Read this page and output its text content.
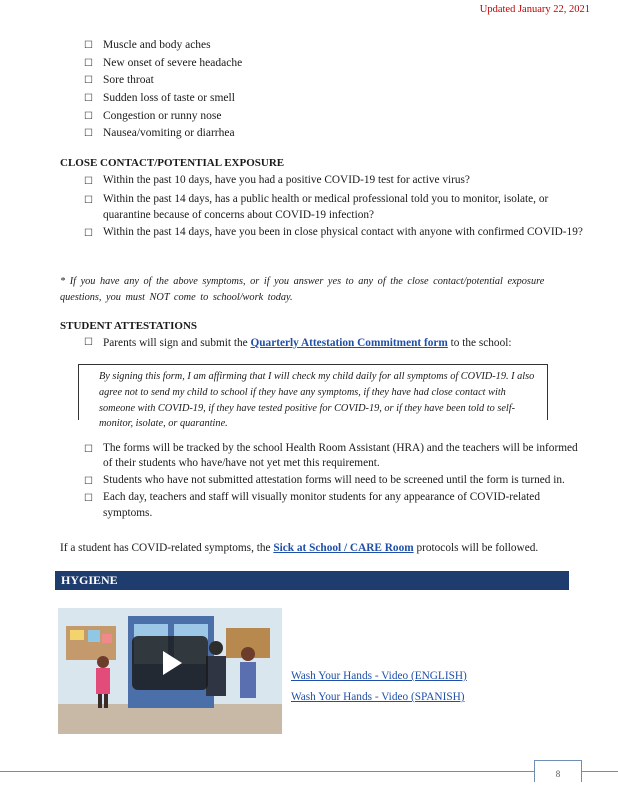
Updated January 22, 2021
☐ Muscle and body aches
☐ New onset of severe headache
☐ Sore throat
☐ Sudden loss of taste or smell
☐ Congestion or runny nose
☐ Nausea/vomiting or diarrhea
CLOSE CONTACT/POTENTIAL EXPOSURE
☐ Within the past 10 days, have you had a positive COVID-19 test for active virus?
☐ Within the past 14 days, has a public health or medical professional told you to monitor, isolate, or quarantine because of concerns about COVID-19 infection?
☐ Within the past 14 days, have you been in close physical contact with anyone with confirmed COVID-19?
* If you have any of the above symptoms, or if you answer yes to any of the close contact/potential exposure questions, you must NOT come to school/work today.
STUDENT ATTESTATIONS
☐ Parents will sign and submit the Quarterly Attestation Commitment form to the school:
By signing this form, I am affirming that I will check my child daily for all symptoms of COVID-19. I also agree not to send my child to school if they have any symptoms, if they have had close contact with someone with COVID-19, if they have tested positive for COVID-19, or if they have been told to self-monitor, isolate, or quarantine.
☐ The forms will be tracked by the school Health Room Assistant (HRA) and the teachers will be informed of their students who have/have not yet met this requirement.
☐ Students who have not submitted attestation forms will need to be screened until the form is turned in.
☐ Each day, teachers and staff will visually monitor students for any appearance of COVID-related symptoms.
If a student has COVID-related symptoms, the Sick at School / CARE Room protocols will be followed.
HYGIENE
Wash Your Hands - Video (ENGLISH)
Wash Your Hands - Video (SPANISH)
8
